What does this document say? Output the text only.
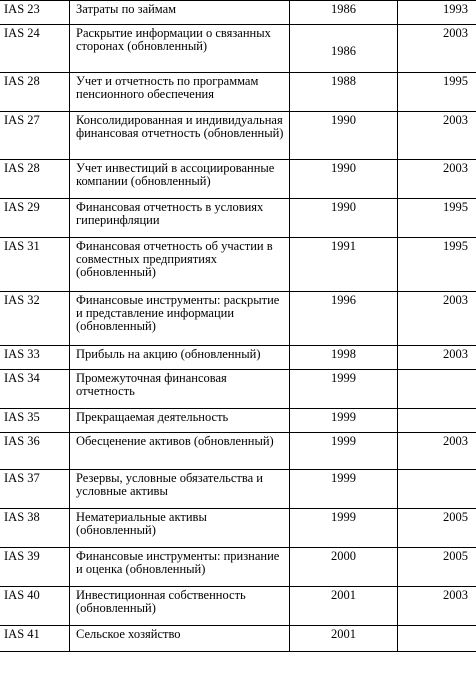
IAS 23	Затраты по займам	1986	1993
IAS 24	Раскрытие информации о связанных сторонах (обновленный)	1986	2003
IAS 28	Учет и отчетность по программам пенсионного обеспечения	1988	1995
IAS 27	Консолидированная и индивидуальная финансовая отчетность (обновленный)	1990	2003
IAS 28	Учет инвестиций в ассоциированные компании (обновленный)	1990	2003
IAS 29	Финансовая отчетность в условиях гиперинфляции	1990	1995
IAS 31	Финансовая отчетность об участии в совместных предприятиях (обновленный)	1991	1995
IAS 32	Финансовые инструменты: раскрытие и представление информации (обновленный)	1996	2003
IAS 33	Прибыль на акцию (обновленный)	1998	2003
IAS 34	Промежуточная финансовая отчетность	1999	
IAS 35	Прекращаемая деятельность	1999	
IAS 36	Обесценение активов (обновленный)	1999	2003
IAS 37	Резервы, условные обязательства и условные активы	1999	
IAS 38	Нематериальные активы (обновленный)	1999	2005
IAS 39	Финансовые инструменты: признание и оценка (обновленный)	2000	2005
IAS 40	Инвестиционная собственность (обновленный)	2001	2003
IAS 41	Сельское хозяйство	2001	
